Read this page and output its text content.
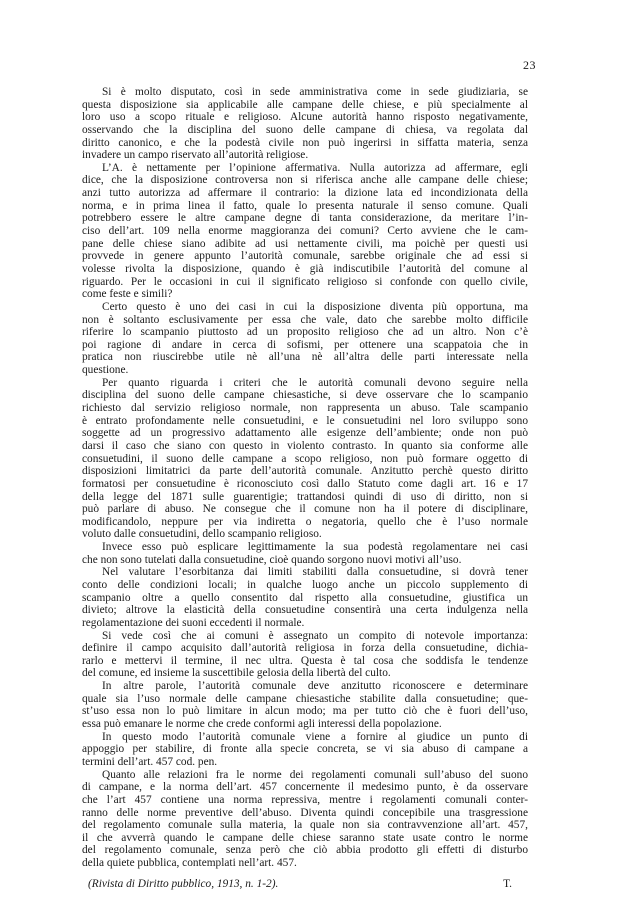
23
Si è molto disputato, così in sede amministrativa come in sede giudiziaria, se
questa disposizione sia applicabile alle campane delle chiese, e più specialmente al
loro uso a scopo rituale e religioso. Alcune autorità hanno risposto negativamente,
osservando che la disciplina del suono delle campane di chiesa, va regolata dal
diritto canonico, e che la podestà civile non può ingerirsi in siffatta materia, senza
invadere un campo riservato all’autorità religiose.
L’A. è nettamente per l’opinione affermativa. Nulla autorizza ad affermare, egli
dice, che la disposizione controversa non si riferisca anche alle campane delle chiese;
anzi tutto autorizza ad affermare il contrario: la dizione lata ed incondizionata della
norma, e in prima linea il fatto, quale lo presenta naturale il senso comune. Quali
potrebbero essere le altre campane degne di tanta considerazione, da meritare l’in-
ciso dell’art. 109 nella enorme maggioranza dei comuni? Certo avviene che le cam-
pane delle chiese siano adibite ad usi nettamente civili, ma poichè per questi usi
provvede in genere appunto l’autorità comunale, sarebbe originale che ad essi si
volesse rivolta la disposizione, quando è già indiscutibile l’autorità del comune al
riguardo. Per le occasioni in cui il significato religioso si confonde con quello civile,
come feste e simili?
Certo questo è uno dei casi in cui la disposizione diventa più opportuna, ma
non è soltanto esclusivamente per essa che vale, dato che sarebbe molto difficile
riferire lo scampanio piuttosto ad un proposito religioso che ad un altro. Non c’è
poi ragione di andare in cerca di sofismi, per ottenere una scappatoia che in
pratica non riuscirebbe utile nè all’una nè all’altra delle parti interessate nella
questione.
Per quanto riguarda i criteri che le autorità comunali devono seguire nella
disciplina del suono delle campane chiesastiche, si deve osservare che lo scampanio
richiesto dal servizio religioso normale, non rappresenta un abuso. Tale scampanio
è entrato profondamente nelle consuetudini, e le consuetudini nel loro sviluppo sono
soggette ad un progressivo adattamento alle esigenze dell’ambiente; onde non può
darsi il caso che siano con questo in violento contrasto. In quanto sia conforme alle
consuetudini, il suono delle campane a scopo religioso, non può formare oggetto di
disposizioni limitatrici da parte dell’autorità comunale. Anzitutto perchè questo diritto
formatosi per consuetudine è riconosciuto così dallo Statuto come dagli art. 16 e 17
della legge del 1871 sulle guarentigie; trattandosi quindi di uso di diritto, non si
può parlare di abuso. Ne consegue che il comune non ha il potere di disciplinare,
modificandolo, neppure per via indiretta o negatoria, quello che è l’uso normale
voluto dalle consuetudini, dello scampanio religioso.
Invece esso può esplicare legittimamente la sua podestà regolamentare nei casi
che non sono tutelati dalla consuetudine, cioè quando sorgono nuovi motivi all’uso.
Nel valutare l’esorbitanza dai limiti stabiliti dalla consuetudine, si dovrà tener
conto delle condizioni locali; in qualche luogo anche un piccolo supplemento di
scampanio oltre a quello consentito dal rispetto alla consuetudine, giustifica un
divieto; altrove la elasticità della consuetudine consentirà una certa indulgenza nella
regolamentazione dei suoni eccedenti il normale.
Si vede così che ai comuni è assegnato un compito di notevole importanza:
definire il campo acquisito dall’autorità religiosa in forza della consuetudine, dichia-
rarlo e mettervi il termine, il nec ultra. Questa è tal cosa che soddisfa le tendenze
del comune, ed insieme la suscettibile gelosia della libertà del culto.
In altre parole, l’autorità comunale deve anzitutto riconoscere e determinare
quale sia l’uso normale delle campane chiesastiche stabilite dalla consuetudine; que-
st’uso essa non lo può limitare in alcun modo; ma per tutto ciò che è fuori dell’uso,
essa può emanare le norme che crede conformi agli interessi della popolazione.
In questo modo l’autorità comunale viene a fornire al giudice un punto di
appoggio per stabilire, di fronte alla specie concreta, se vi sia abuso di campane a
termini dell’art. 457 cod. pen.
Quanto alle relazioni fra le norme dei regolamenti comunali sull’abuso del suono
di campane, e la norma dell’art. 457 concernente il medesimo punto, è da osservare
che l’art 457 contiene una norma repressiva, mentre i regolamenti comunali conter-
ranno delle norme preventive dell’abuso. Diventa quindi concepibile una trasgressione
del regolamento comunale sulla materia, la quale non sia contravvenzione all’art. 457,
il che avverrà quando le campane delle chiese saranno state usate contro le norme
del regolamento comunale, senza però che ciò abbia prodotto gli effetti di disturbo
della quiete pubblica, contemplati nell’art. 457.
(Rivista di Diritto pubblico, 1913, n. 1-2).	T.
